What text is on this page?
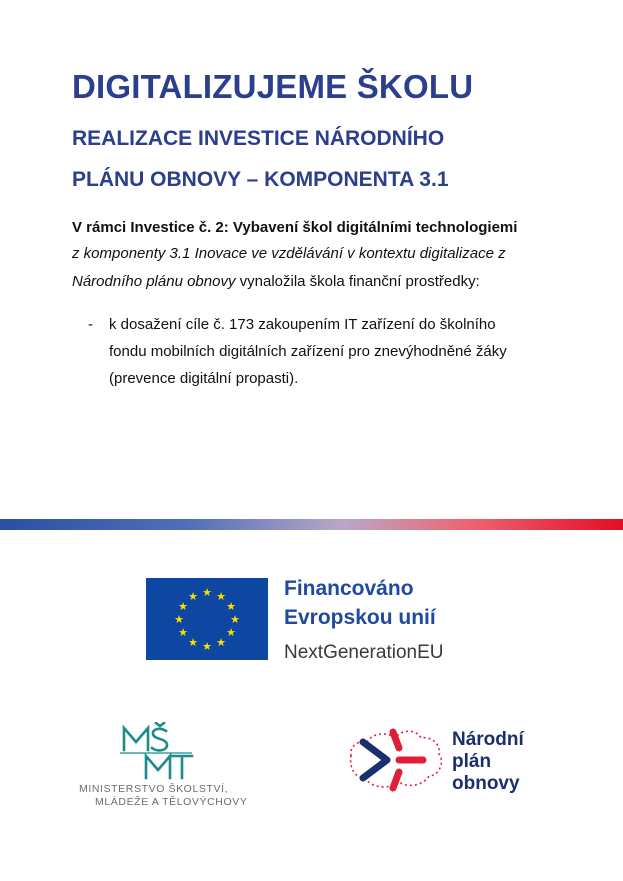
DIGITALIZUJEME ŠKOLU
REALIZACE INVESTICE NÁRODNÍHO
PLÁNU OBNOVY – KOMPONENTA 3.1
V rámci Investice č. 2: Vybavení škol digitálními technologiemi
z komponenty 3.1 Inovace ve vzdělávání v kontextu digitalizace z
Národního plánu obnovy vynaložila škola finanční prostředky:
- k dosažení cíle č. 173 zakoupením IT zařízení do školního
fondu mobilních digitálních zařízení pro znevýhodněné žáky
(prevence digitální propasti).
★ ★
★
★
★
★
★
★
★
★
★
★	Financováno
Evropskou unií
NextGenerationEU
MINISTERSTVO ŠKOLSTVÍ,
MLÁDEŽE A TĚLOVÝCHOVY
Národní
plán
obnovy
